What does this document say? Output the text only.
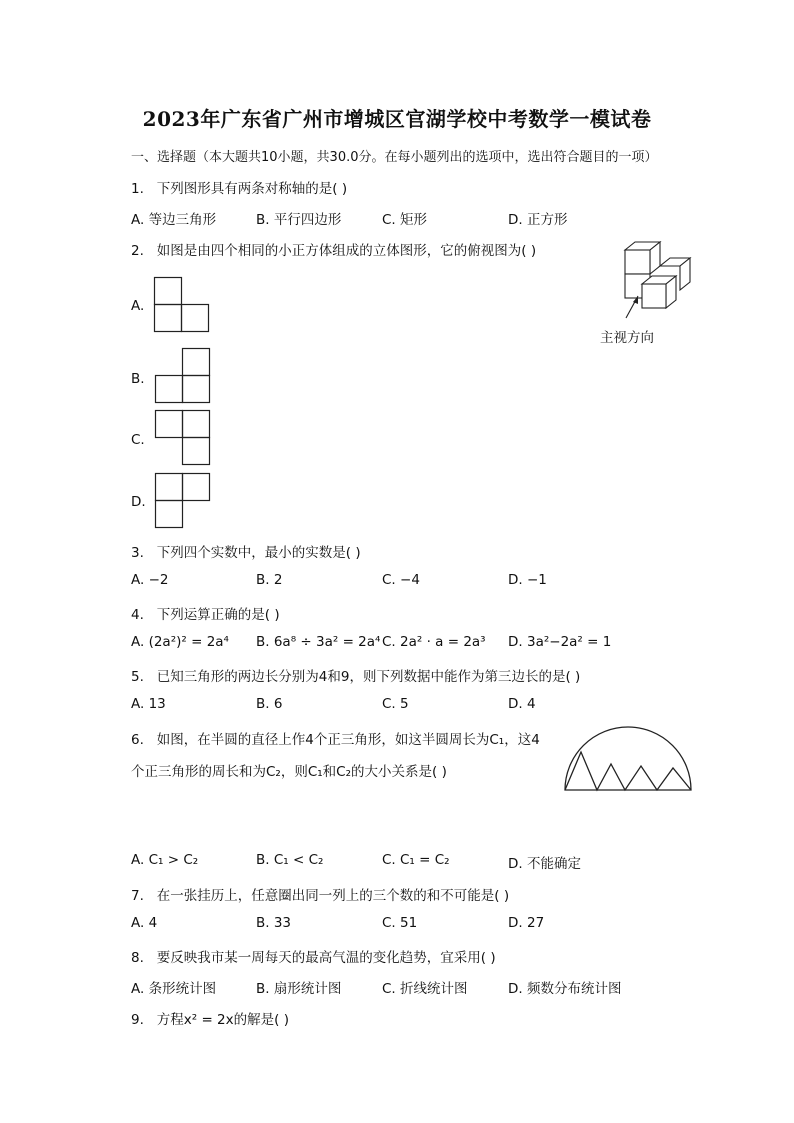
2023年广东省广州市增城区官湖学校中考数学一模试卷
一、选择题（本大题共10小题，共30.0分。在每小题列出的选项中，选出符合题目的一项）
1. 下列图形具有两条对称轴的是( )
A. 等边三角形	B. 平行四边形	C. 矩形	D. 正方形
2. 如图是由四个相同的小正方体组成的立体图形，它的俯视图为( )
主视方向
A.
B.
C.
D.
3. 下列四个实数中，最小的实数是( )
A. −2	B. 2	C. −4	D. −1
4. 下列运算正确的是( )
A. (2a²)² = 2a⁴ B. 6a⁸ ÷ 3a² = 2a⁴ C. 2a² · a = 2a³ D. 3a²−2a² = 1
5. 已知三角形的两边长分别为4和9，则下列数据中能作为第三边长的是( )
A. 13	B. 6	C. 5	D. 4
6. 如图，在半圆的直径上作4个正三角形，如这半圆周长为C₁，这4
个正三角形的周长和为C₂，则C₁和C₂的大小关系是( )
A. C₁ > C₂	B. C₁ < C₂	C. C₁ = C₂	D. 不能确定
7. 在一张挂历上，任意圈出同一列上的三个数的和不可能是( )
A. 4	B. 33	C. 51	D. 27
8. 要反映我市某一周每天的最高气温的变化趋势，宜采用( )
A. 条形统计图	B. 扇形统计图	C. 折线统计图	D. 频数分布统计图
9. 方程x² = 2x的解是( )
